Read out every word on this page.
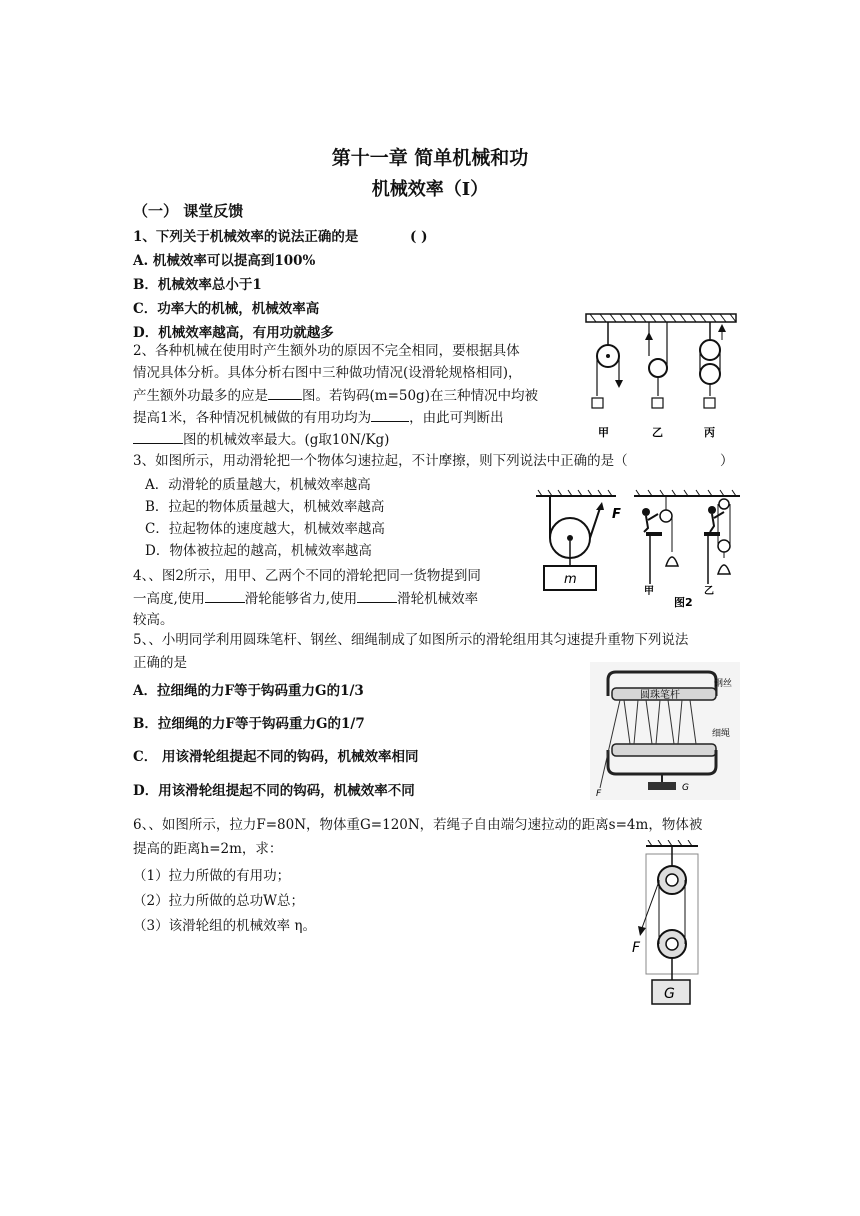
第十一章 简单机械和功
机械效率（I）
（一） 课堂反馈
1、下列关于机械效率的说法正确的是	( )
A. 机械效率可以提高到100%
B．机械效率总小于1
C．功率大的机械，机械效率高
D．机械效率越高，有用功就越多
2、各种机械在使用时产生额外功的原因不完全相同，要根据具体
情况具体分析。具体分析右图中三种做功情况(设滑轮规格相同)，
产生额外功最多的应是	图。若钩码(m=50g)在三种情况中均被
提高1米，各种情况机械做的有用功均为	，由此可判断出
图的机械效率最大。(g取10N/Kg)	甲	乙	丙
3、如图所示，用动滑轮把一个物体匀速拉起，不计摩擦，则下列说法中正确的是（	）
A．动滑轮的质量越大，机械效率越高
B．拉起的物体质量越大，机械效率越高
C．拉起物体的速度越大，机械效率越高
D．物体被拉起的越高，机械效率越高
m
F
4、、图2所示，用甲、乙两个不同的滑轮把同一货物提到同
一高度,使用	滑轮能够省力,使用	滑轮机械效率
较高。
甲	乙
图2
5、、小明同学利用圆珠笔杆、钢丝、细绳制成了如图所示的滑轮组用其匀速提升重物下列说法
正确的是
A．拉细绳的力F等于钩码重力G的1/3
B．拉细绳的力F等于钩码重力G的1/7
C． 用该滑轮组提起不同的钩码，机械效率相同
D．用该滑轮组提起不同的钩码，机械效率不同
圆珠笔杆
钢丝
细绳
F
G
6、、如图所示，拉力F=80N，物体重G=120N，若绳子自由端匀速拉动的距离s=4m，物体被
提高的距离h=2m，求：
（1）拉力所做的有用功；
（2）拉力所做的总功W总；
（3）该滑轮组的机械效率 η。
F
G
